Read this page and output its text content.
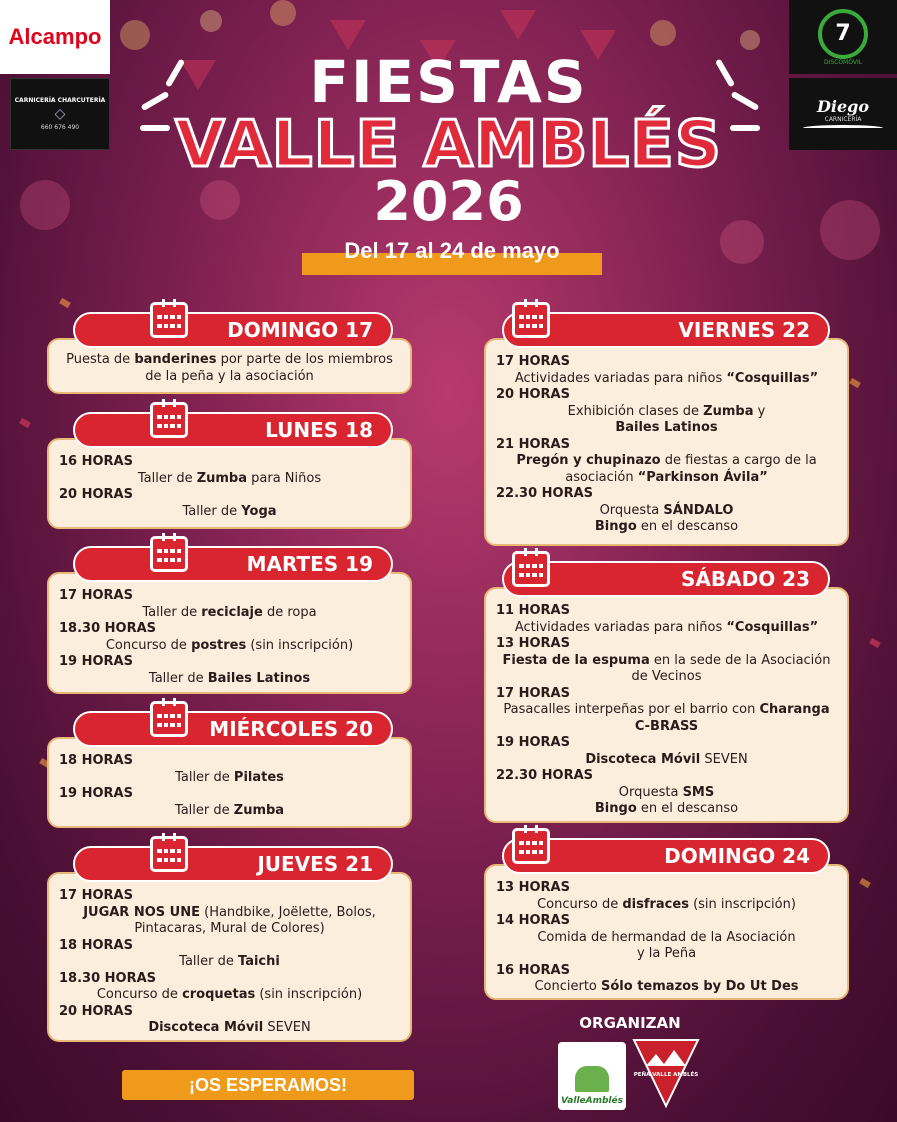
Alcampo
CARNICERÍA CHARCUTERÍA
◇
660 676 490
7
DISCOMÓVIL
Diego
CARNICERÍA
FIESTAS
VALLE AMBLÉS
2026
Del 17 al 24 de mayo
Puesta de banderines por parte de los miembros de la peña y la asociación
DOMINGO 17
16 HORAS
Taller de Zumba para Niños
20 HORAS
Taller de Yoga
LUNES 18
17 HORAS
Taller de reciclaje de ropa
18.30 HORAS
Concurso de postres (sin inscripción)
19 HORAS
Taller de Bailes Latinos
MARTES 19
18 HORAS
Taller de Pilates
19 HORAS
Taller de Zumba
MIÉRCOLES 20
17 HORAS
JUGAR NOS UNE (Handbike, Joëlette, Bolos, Pintacaras, Mural de Colores)
18 HORAS
Taller de Taichi
18.30 HORAS
Concurso de croquetas (sin inscripción)
20 HORAS
Discoteca Móvil SEVEN
JUEVES 21
17 HORAS
Actividades variadas para niños “Cosquillas”
20 HORAS
Exhibición clases de Zumba y
Bailes Latinos
21 HORAS
Pregón y chupinazo de fiestas a cargo de la asociación “Parkinson Ávila”
22.30 HORAS
Orquesta SÁNDALO
Bingo en el descanso
VIERNES 22
11 HORAS
Actividades variadas para niños “Cosquillas”
13 HORAS
Fiesta de la espuma en la sede de la Asociación de Vecinos
17 HORAS
Pasacalles interpeñas por el barrio con Charanga C-BRASS
19 HORAS
Discoteca Móvil SEVEN
22.30 HORAS
Orquesta SMS
Bingo en el descanso
SÁBADO 23
13 HORAS
Concurso de disfraces (sin inscripción)
14 HORAS
Comida de hermandad de la Asociación y la Peña
16 HORAS
Concierto Sólo temazos by Do Ut Des
DOMINGO 24
¡OS ESPERAMOS!
ORGANIZAN
ValleAmblés
PEÑA VALLE AMBLÉS
